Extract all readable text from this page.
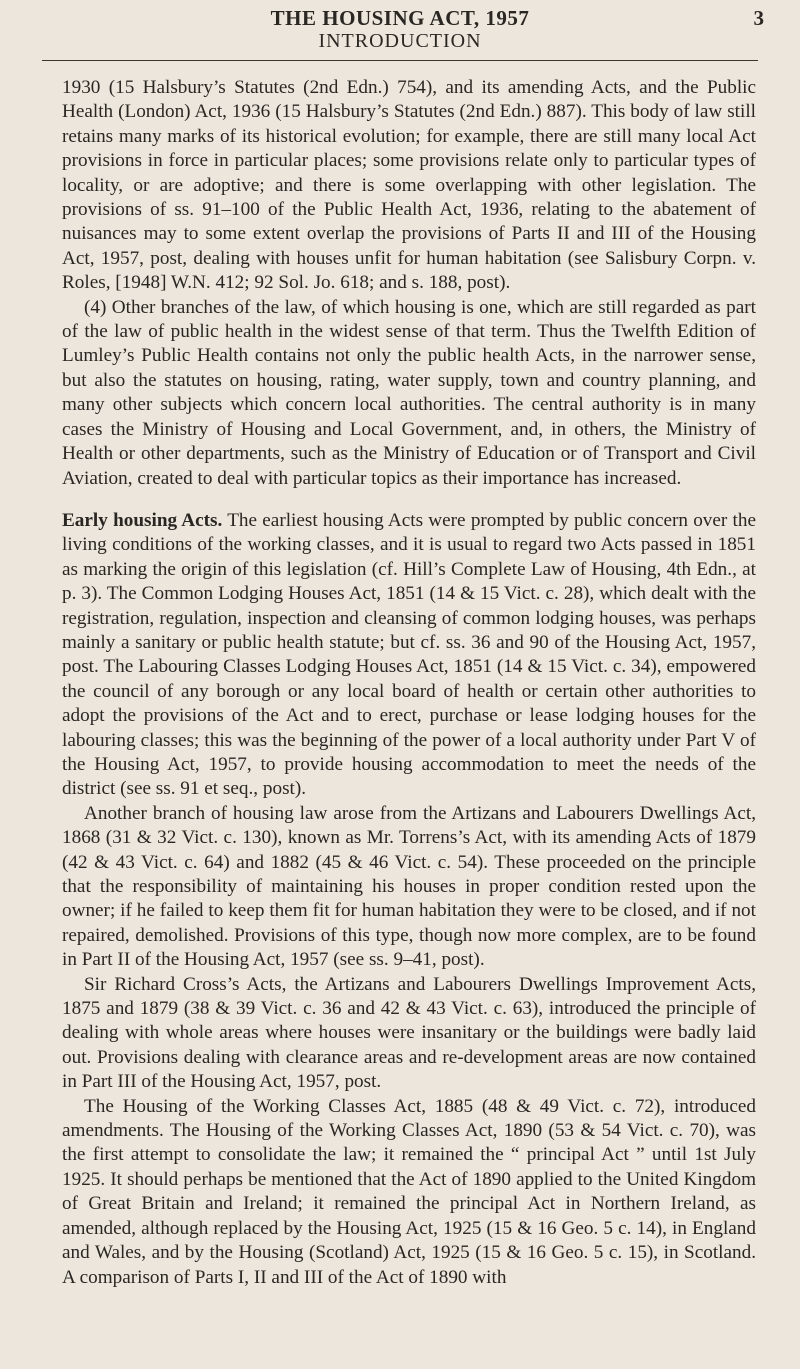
THE HOUSING ACT, 1957	3
INTRODUCTION

1930 (15 Halsbury’s Statutes (2nd Edn.) 754), and its amending Acts, and the Public Health (London) Act, 1936 (15 Halsbury’s Statutes (2nd Edn.) 887). This body of law still retains many marks of its historical evolution; for example, there are still many local Act provisions in force in particular places; some provisions relate only to particular types of locality, or are adoptive; and there is some overlapping with other legislation. The provisions of ss. 91–100 of the Public Health Act, 1936, relating to the abatement of nuisances may to some extent overlap the provisions of Parts II and III of the Housing Act, 1957, post, dealing with houses unfit for human habitation (see Salisbury Corpn. v. Roles, [1948] W.N. 412; 92 Sol. Jo. 618; and s. 188, post).

(4) Other branches of the law, of which housing is one, which are still regarded as part of the law of public health in the widest sense of that term. Thus the Twelfth Edition of Lumley’s Public Health contains not only the public health Acts, in the narrower sense, but also the statutes on housing, rating, water supply, town and country planning, and many other subjects which concern local authorities. The central authority is in many cases the Ministry of Housing and Local Government, and, in others, the Ministry of Health or other departments, such as the Ministry of Education or of Transport and Civil Aviation, created to deal with particular topics as their importance has increased.

Early housing Acts. The earliest housing Acts were prompted by public concern over the living conditions of the working classes, and it is usual to regard two Acts passed in 1851 as marking the origin of this legislation (cf. Hill’s Complete Law of Housing, 4th Edn., at p. 3). The Common Lodging Houses Act, 1851 (14 & 15 Vict. c. 28), which dealt with the registration, regulation, inspection and cleansing of common lodging houses, was perhaps mainly a sanitary or public health statute; but cf. ss. 36 and 90 of the Housing Act, 1957, post. The Labouring Classes Lodging Houses Act, 1851 (14 & 15 Vict. c. 34), empowered the council of any borough or any local board of health or certain other authorities to adopt the provisions of the Act and to erect, purchase or lease lodging houses for the labouring classes; this was the beginning of the power of a local authority under Part V of the Housing Act, 1957, to provide housing accommodation to meet the needs of the district (see ss. 91 et seq., post).

Another branch of housing law arose from the Artizans and Labourers Dwellings Act, 1868 (31 & 32 Vict. c. 130), known as Mr. Torrens’s Act, with its amending Acts of 1879 (42 & 43 Vict. c. 64) and 1882 (45 & 46 Vict. c. 54). These proceeded on the principle that the responsibility of maintaining his houses in proper condition rested upon the owner; if he failed to keep them fit for human habitation they were to be closed, and if not repaired, demolished. Provisions of this type, though now more complex, are to be found in Part II of the Housing Act, 1957 (see ss. 9–41, post).

Sir Richard Cross’s Acts, the Artizans and Labourers Dwellings Improvement Acts, 1875 and 1879 (38 & 39 Vict. c. 36 and 42 & 43 Vict. c. 63), introduced the principle of dealing with whole areas where houses were insanitary or the buildings were badly laid out. Provisions dealing with clearance areas and re-development areas are now contained in Part III of the Housing Act, 1957, post.

The Housing of the Working Classes Act, 1885 (48 & 49 Vict. c. 72), introduced amendments. The Housing of the Working Classes Act, 1890 (53 & 54 Vict. c. 70), was the first attempt to consolidate the law; it remained the “ principal Act ” until 1st July 1925. It should perhaps be mentioned that the Act of 1890 applied to the United Kingdom of Great Britain and Ireland; it remained the principal Act in Northern Ireland, as amended, although replaced by the Housing Act, 1925 (15 & 16 Geo. 5 c. 14), in England and Wales, and by the Housing (Scotland) Act, 1925 (15 & 16 Geo. 5 c. 15), in Scotland. A comparison of Parts I, II and III of the Act of 1890 with
